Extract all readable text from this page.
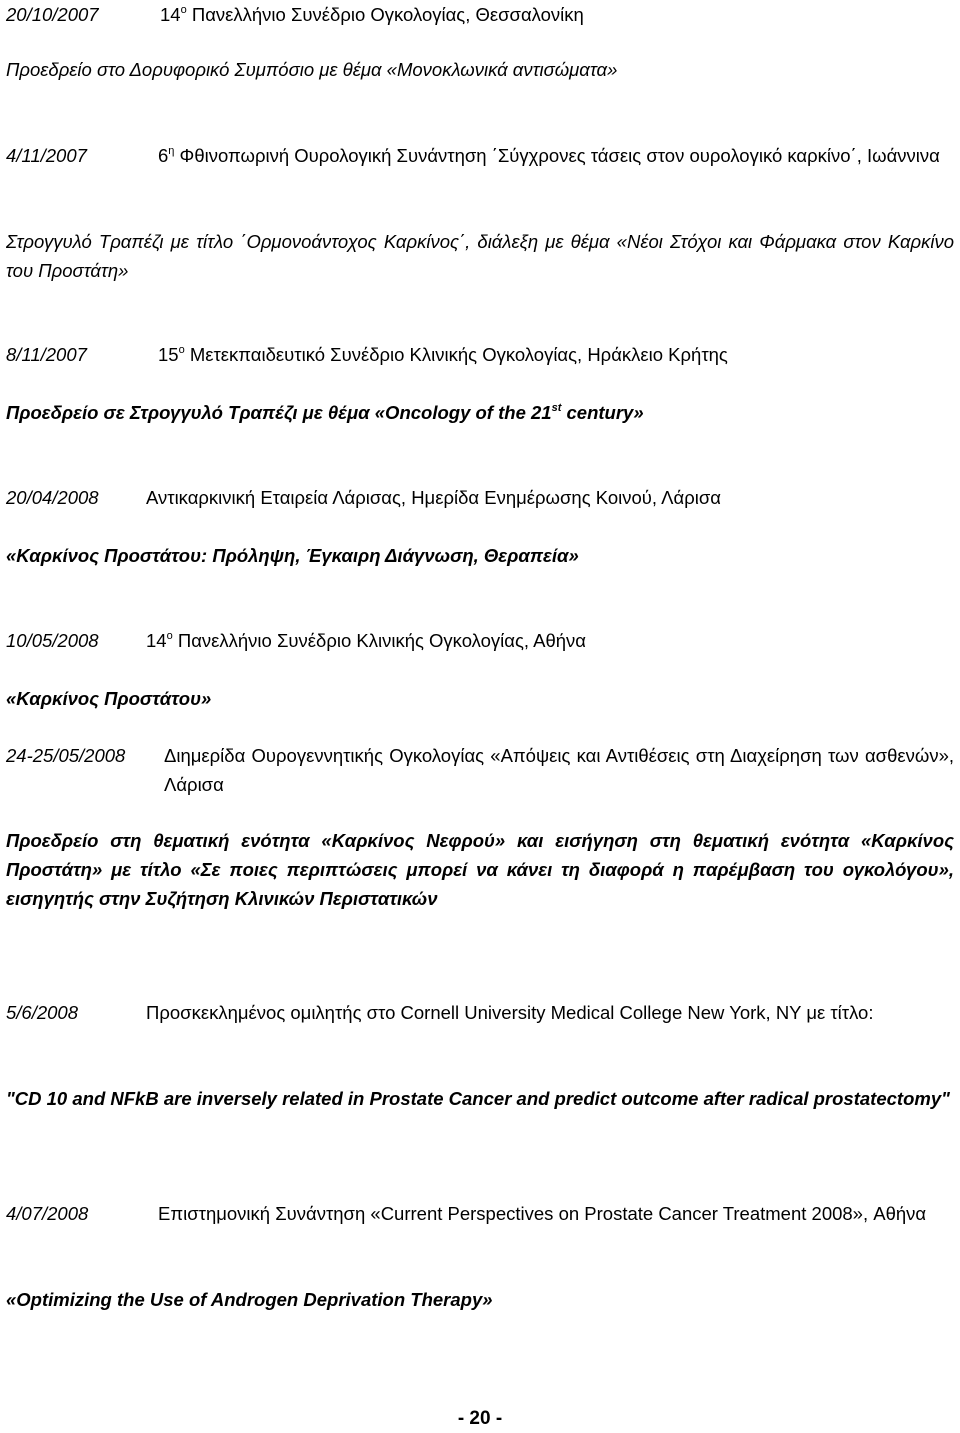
20/10/2007	14$^o$ Πανελλήνιο Συνέδριο Ογκολογίας, Θεσσαλονίκη
Προεδρείο στο Δορυφορικό Συμπόσιο με θέμα «Μονοκλωνικά αντισώματα»
4/11/2007	$6^\eta$ Φθινοπωρινή Ουρολογική Συνάντηση ΄Σύγχρονες τάσεις στον ουρολογικό καρκίνο΄, Ιωάννινα
Στρογγυλό Τραπέζι με τίτλο ΄Ορμονοάντοχος Καρκίνος΄, διάλεξη με θέμα «Νέοι Στόχοι και Φάρμακα στον Καρκίνο του Προστάτη»
8/11/2007	15$^o$ Μετεκπαιδευτικό Συνέδριο Κλινικής Ογκολογίας, Ηράκλειο Κρήτης
Προεδρείο σε Στρογγυλό Τραπέζι με θέμα «Oncology of the 21st century»
20/04/2008	Αντικαρκινική Εταιρεία Λάρισας, Ημερίδα Ενημέρωσης Κοινού, Λάρισα
«Καρκίνος Προστάτου: Πρόληψη, Έγκαιρη Διάγνωση, Θεραπεία»
10/05/2008	14$^o$ Πανελλήνιο Συνέδριο Κλινικής Ογκολογίας, Αθήνα
«Καρκίνος Προστάτου»
24-25/05/2008	Διημερίδα Ουρογεννητικής Ογκολογίας «Απόψεις και Αντιθέσεις στη Διαχείρηση των ασθενών», Λάρισα
Προεδρείο στη θεματική ενότητα «Καρκίνος Νεφρού» και εισήγηση στη θεματική ενότητα «Καρκίνος Προστάτη» με τίτλο «Σε ποιες περιπτώσεις μπορεί να κάνει τη διαφορά η παρέμβαση του ογκολόγου», εισηγητής στην Συζήτηση Κλινικών Περιστατικών
5/6/2008	Προσκεκλημένος ομιλητής στο Cornell University Medical College New York, NY με τίτλο:
"CD 10 and NFkB are inversely related in Prostate Cancer and predict outcome after radical prostatectomy"
4/07/2008	Επιστημονική Συνάντηση «Current Perspectives on Prostate Cancer Treatment 2008», Αθήνα
«Optimizing the Use of Androgen Deprivation Therapy»
- 20 -
